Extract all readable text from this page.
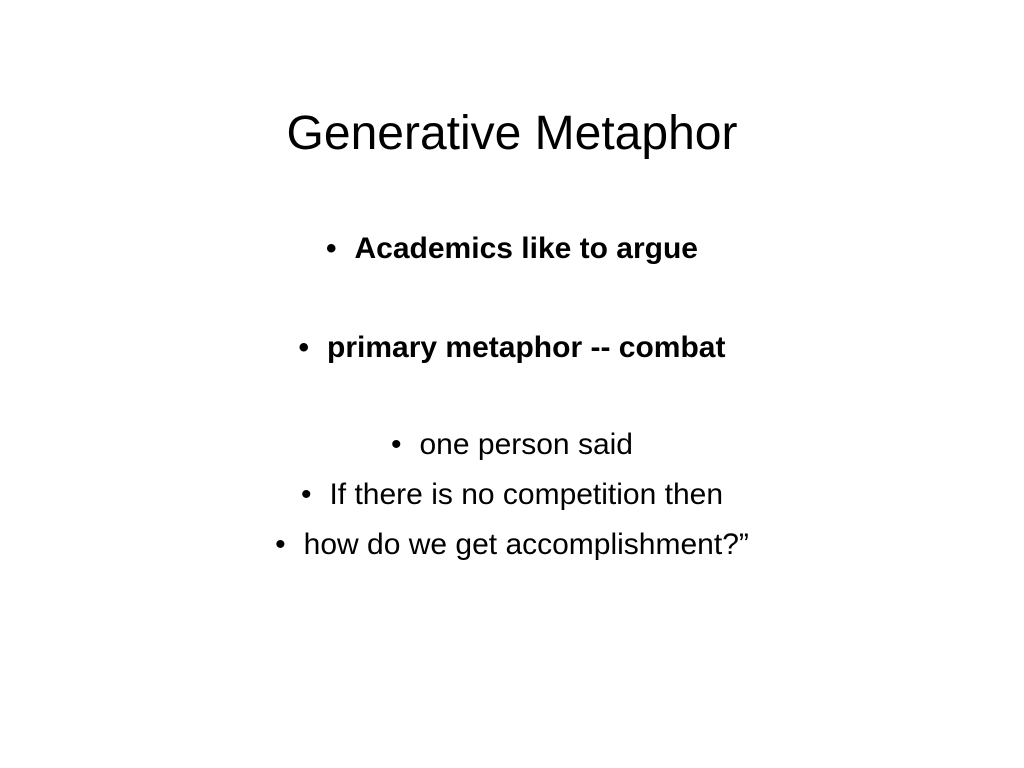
Generative Metaphor
• Academics like to argue
• primary metaphor -- combat
• one person said
• If there is no competition then
• how do we get accomplishment?”
